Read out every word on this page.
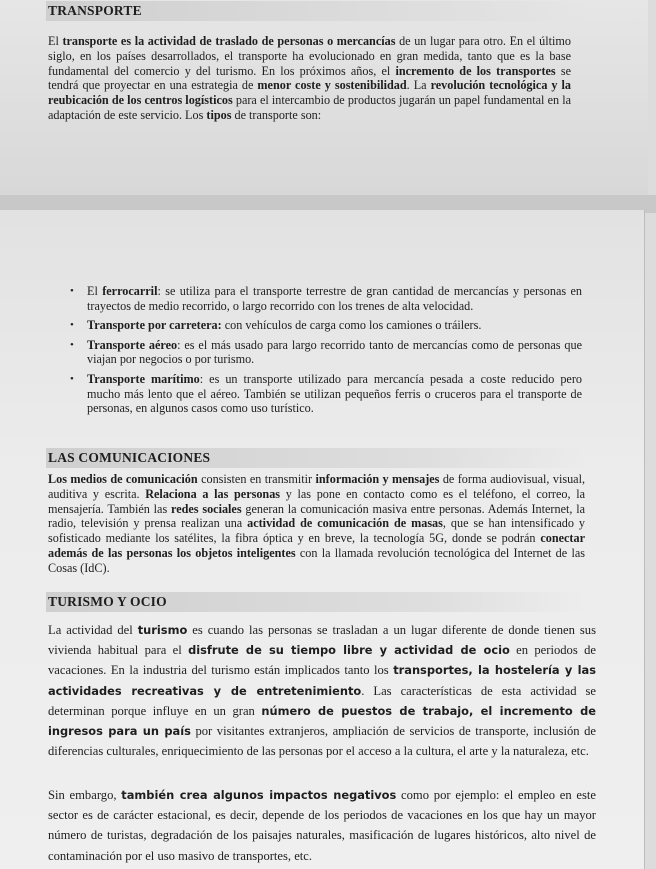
TRANSPORTE
El transporte es la actividad de traslado de personas o mercancías de un lugar para otro. En el último siglo, en los países desarrollados, el transporte ha evolucionado en gran medida, tanto que es la base fundamental del comercio y del turismo. En los próximos años, el incremento de los transportes se tendrá que proyectar en una estrategia de menor coste y sostenibilidad. La revolución tecnológica y la reubicación de los centros logísticos para el intercambio de productos jugarán un papel fundamental en la adaptación de este servicio. Los tipos de transporte son:
• El ferrocarril: se utiliza para el transporte terrestre de gran cantidad de mercancías y personas en trayectos de medio recorrido, o largo recorrido con los trenes de alta velocidad.
• Transporte por carretera: con vehículos de carga como los camiones o tráilers.
• Transporte aéreo: es el más usado para largo recorrido tanto de mercancías como de personas que viajan por negocios o por turismo.
• Transporte marítimo: es un transporte utilizado para mercancía pesada a coste reducido pero mucho más lento que el aéreo. También se utilizan pequeños ferris o cruceros para el transporte de personas, en algunos casos como uso turístico.
LAS COMUNICACIONES
Los medios de comunicación consisten en transmitir información y mensajes de forma audiovisual, visual, auditiva y escrita. Relaciona a las personas y las pone en contacto como es el teléfono, el correo, la mensajería. También las redes sociales generan la comunicación masiva entre personas. Además Internet, la radio, televisión y prensa realizan una actividad de comunicación de masas, que se han intensificado y sofisticado mediante los satélites, la fibra óptica y en breve, la tecnología 5G, donde se podrán conectar además de las personas los objetos inteligentes con la llamada revolución tecnológica del Internet de las Cosas (IdC).
TURISMO Y OCIO
La actividad del turismo es cuando las personas se trasladan a un lugar diferente de donde tienen sus vivienda habitual para el disfrute de su tiempo libre y actividad de ocio en periodos de vacaciones. En la industria del turismo están implicados tanto los transportes, la hostelería y las actividades recreativas y de entretenimiento. Las características de esta actividad se determinan porque influye en un gran número de puestos de trabajo, el incremento de ingresos para un país por visitantes extranjeros, ampliación de servicios de transporte, inclusión de diferencias culturales, enriquecimiento de las personas por el acceso a la cultura, el arte y la naturaleza, etc.
Sin embargo, también crea algunos impactos negativos como por ejemplo: el empleo en este sector es de carácter estacional, es decir, depende de los periodos de vacaciones en los que hay un mayor número de turistas, degradación de los paisajes naturales, masificación de lugares históricos, alto nivel de contaminación por el uso masivo de transportes, etc.
